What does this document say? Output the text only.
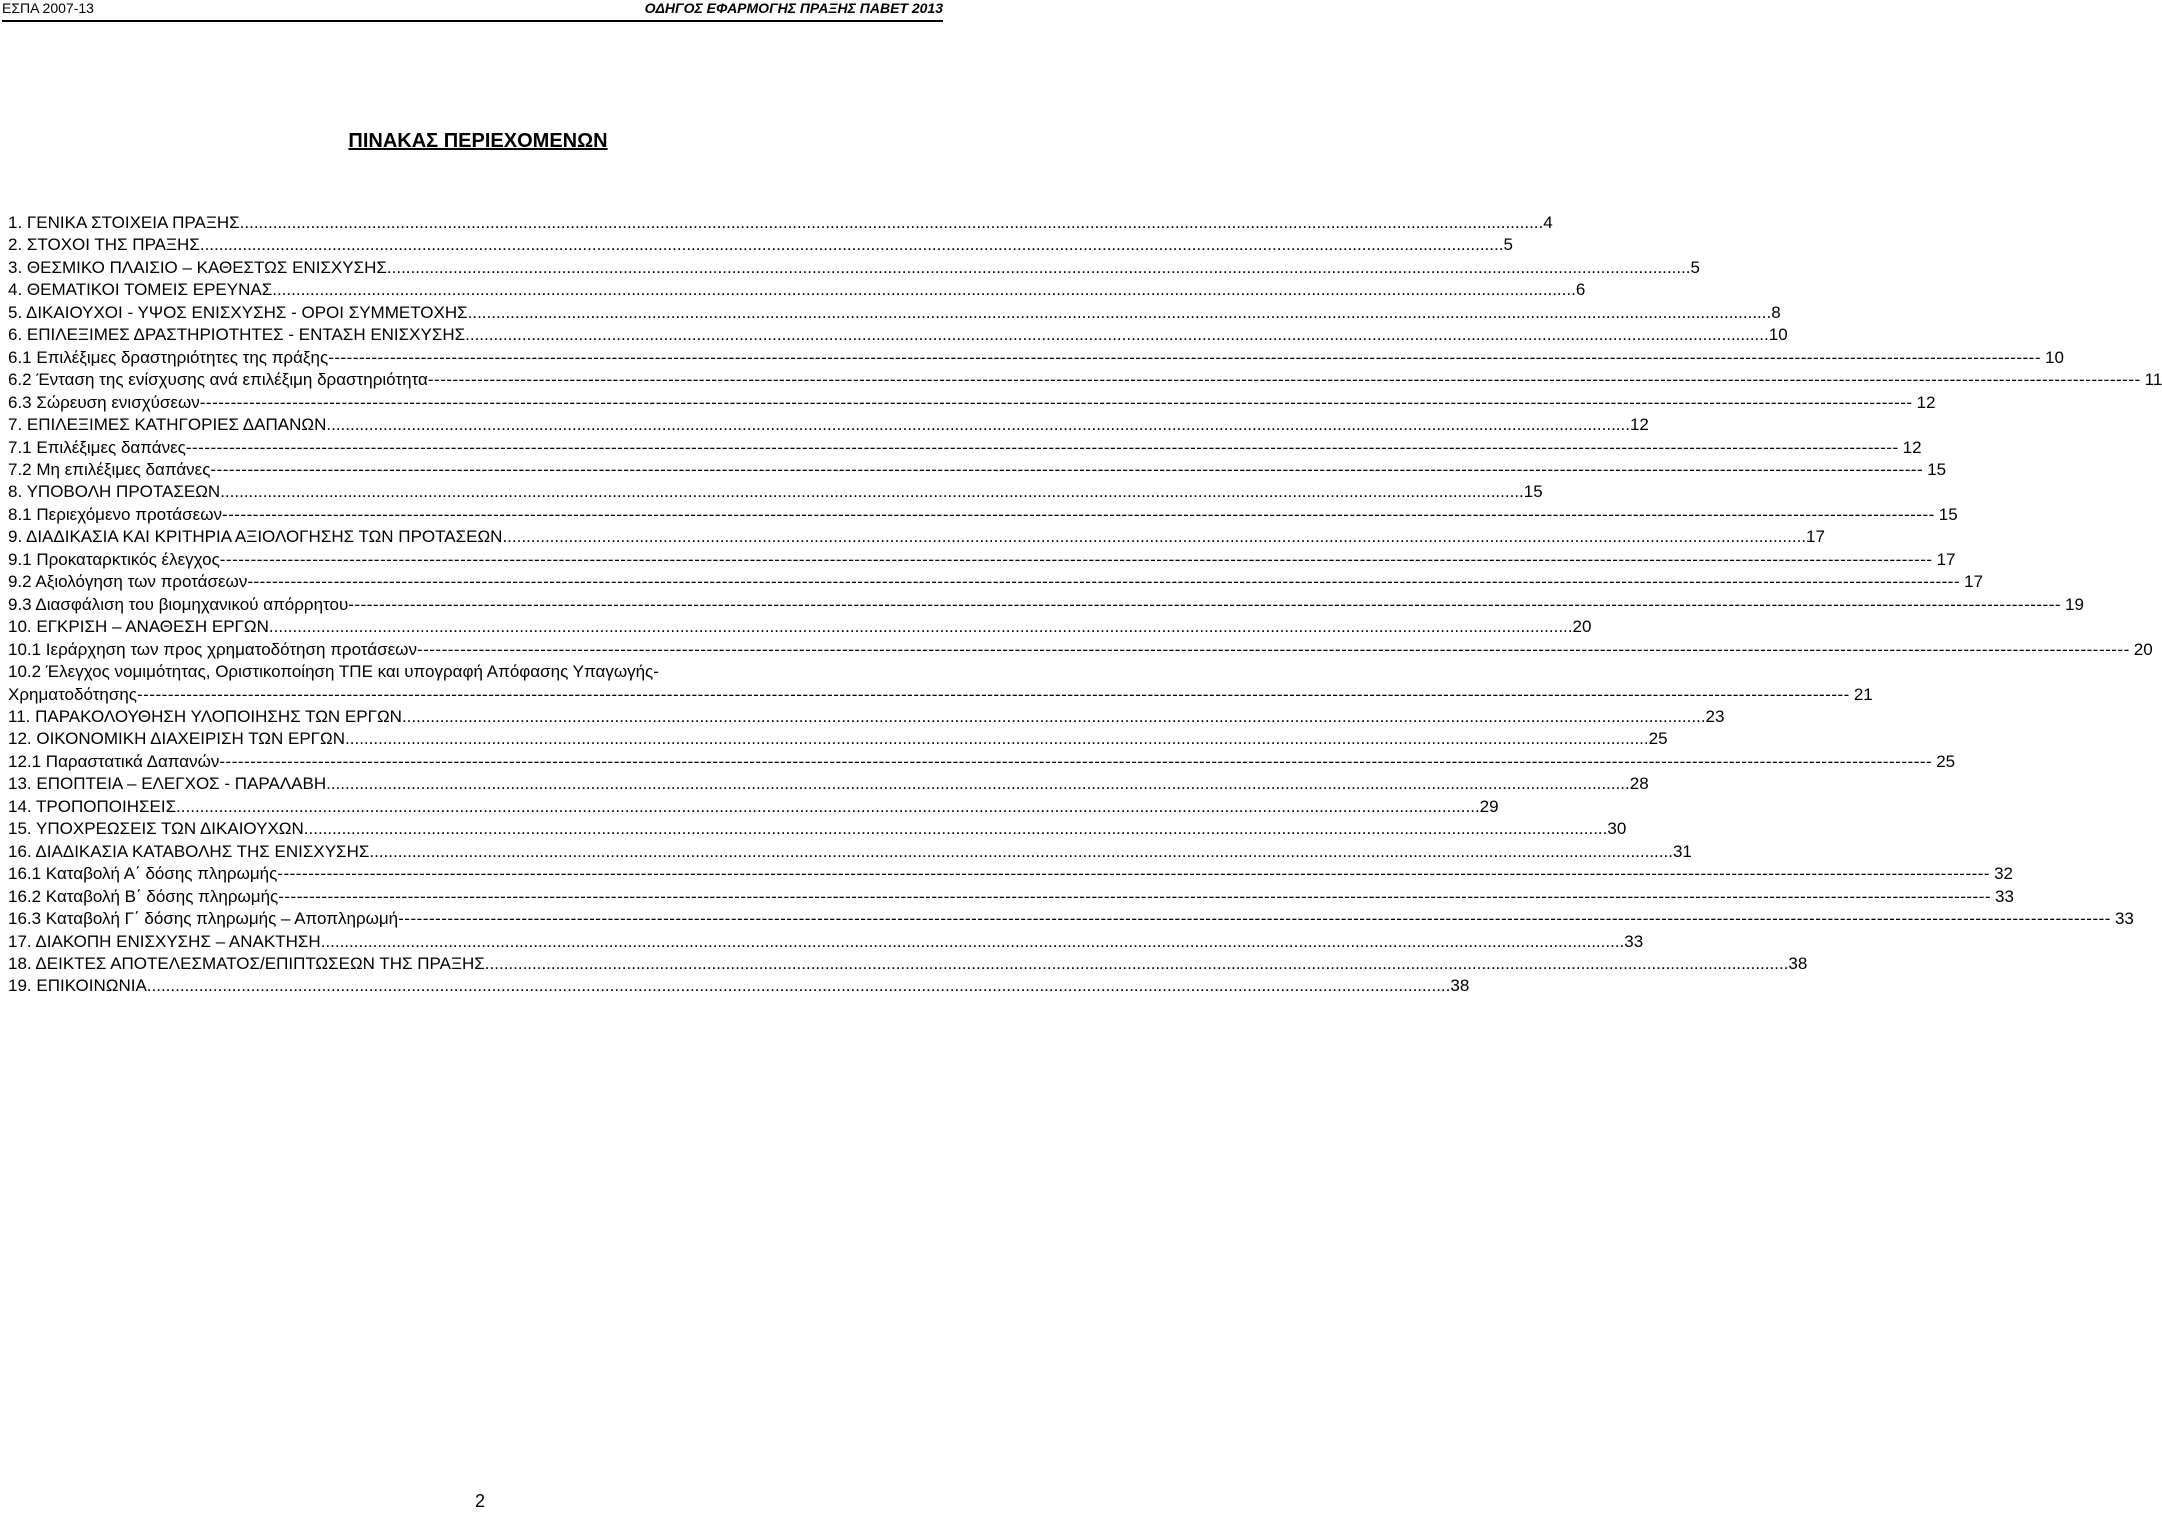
ΕΣΠΑ 2007-13	ΟΔΗΓΟΣ ΕΦΑΡΜΟΓΗΣ ΠΡΑΞΗΣ ΠΑΒΕΤ 2013
ΠΙΝΑΚΑΣ ΠΕΡΙΕΧΟΜΕΝΩΝ
1. ΓΕΝΙΚΑ ΣΤΟΙΧΕΙΑ ΠΡΑΞΗΣ .....	4
2. ΣΤΟΧΟΙ ΤΗΣ ΠΡΑΞΗΣ .....	5
3. ΘΕΣΜΙΚΟ ΠΛΑΙΣΙΟ – ΚΑΘΕΣΤΩΣ ΕΝΙΣΧΥΣΗΣ .....	5
4. ΘΕΜΑΤΙΚΟΙ ΤΟΜΕΙΣ ΕΡΕΥΝΑΣ .....	6
5. ΔΙΚΑΙΟΥΧΟΙ - ΥΨΟΣ ΕΝΙΣΧΥΣΗΣ - ΟΡΟΙ ΣΥΜΜΕΤΟΧΗΣ .....	8
6. ΕΠΙΛΕΞΙΜΕΣ ΔΡΑΣΤΗΡΙΟΤΗΤΕΣ - ΕΝΤΑΣΗ ΕΝΙΣΧΥΣΗΣ .....	10
6.1 Επιλέξιμες δραστηριότητες της πράξης -----	10
6.2 Ένταση της ενίσχυσης ανά επιλέξιμη δραστηριότητα -----	11
6.3 Σώρευση ενισχύσεων -----	12
7. ΕΠΙΛΕΞΙΜΕΣ ΚΑΤΗΓΟΡΙΕΣ ΔΑΠΑΝΩΝ .....	12
7.1 Επιλέξιμες δαπάνες -----	12
7.2 Μη επιλέξιμες δαπάνες -----	15
8. ΥΠΟΒΟΛΗ ΠΡΟΤΑΣΕΩΝ .....	15
8.1 Περιεχόμενο προτάσεων -----	15
9. ΔΙΑΔΙΚΑΣΙΑ ΚΑΙ ΚΡΙΤΗΡΙΑ ΑΞΙΟΛΟΓΗΣΗΣ ΤΩΝ ΠΡΟΤΑΣΕΩΝ .....	17
9.1 Προκαταρκτικός έλεγχος -----	17
9.2 Αξιολόγηση των προτάσεων -----	17
9.3 Διασφάλιση του βιομηχανικού απόρρητου -----	19
10. ΕΓΚΡΙΣΗ – ΑΝΑΘΕΣΗ ΕΡΓΩΝ .....	20
10.1 Ιεράρχηση των προς χρηματοδότηση προτάσεων -----	20
10.2 Έλεγχος νομιμότητας, Οριστικοποίηση ΤΠΕ και υπογραφή Απόφασης Υπαγωγής-
Χρηματοδότησης -----	21
11. ΠΑΡΑΚΟΛΟΥΘΗΣΗ ΥΛΟΠΟΙΗΣΗΣ ΤΩΝ ΕΡΓΩΝ .....	23
12. ΟΙΚΟΝΟΜΙΚΗ ΔΙΑΧΕΙΡΙΣΗ ΤΩΝ ΕΡΓΩΝ .....	25
12.1 Παραστατικά Δαπανών -----	25
13. ΕΠΟΠΤΕΙΑ – ΕΛΕΓΧΟΣ - ΠΑΡΑΛΑΒΗ .....	28
14. ΤΡΟΠΟΠΟΙΗΣΕΙΣ .....	29
15. ΥΠΟΧΡΕΩΣΕΙΣ ΤΩΝ ΔΙΚΑΙΟΥΧΩΝ .....	30
16. ΔΙΑΔΙΚΑΣΙΑ ΚΑΤΑΒΟΛΗΣ ΤΗΣ ΕΝΙΣΧΥΣΗΣ .....	31
16.1 Καταβολή Α΄ δόσης πληρωμής -----	32
16.2 Καταβολή Β΄ δόσης πληρωμής -----	33
16.3 Καταβολή Γ΄ δόσης πληρωμής – Αποπληρωμή -----	33
17. ΔΙΑΚΟΠΗ ΕΝΙΣΧΥΣΗΣ – ΑΝΑΚΤΗΣΗ .....	33
18. ΔΕΙΚΤΕΣ ΑΠΟΤΕΛΕΣΜΑΤΟΣ/ΕΠΙΠΤΩΣΕΩΝ ΤΗΣ ΠΡΑΞΗΣ .....	38
19. ΕΠΙΚΟΙΝΩΝΙΑ .....	38
2
